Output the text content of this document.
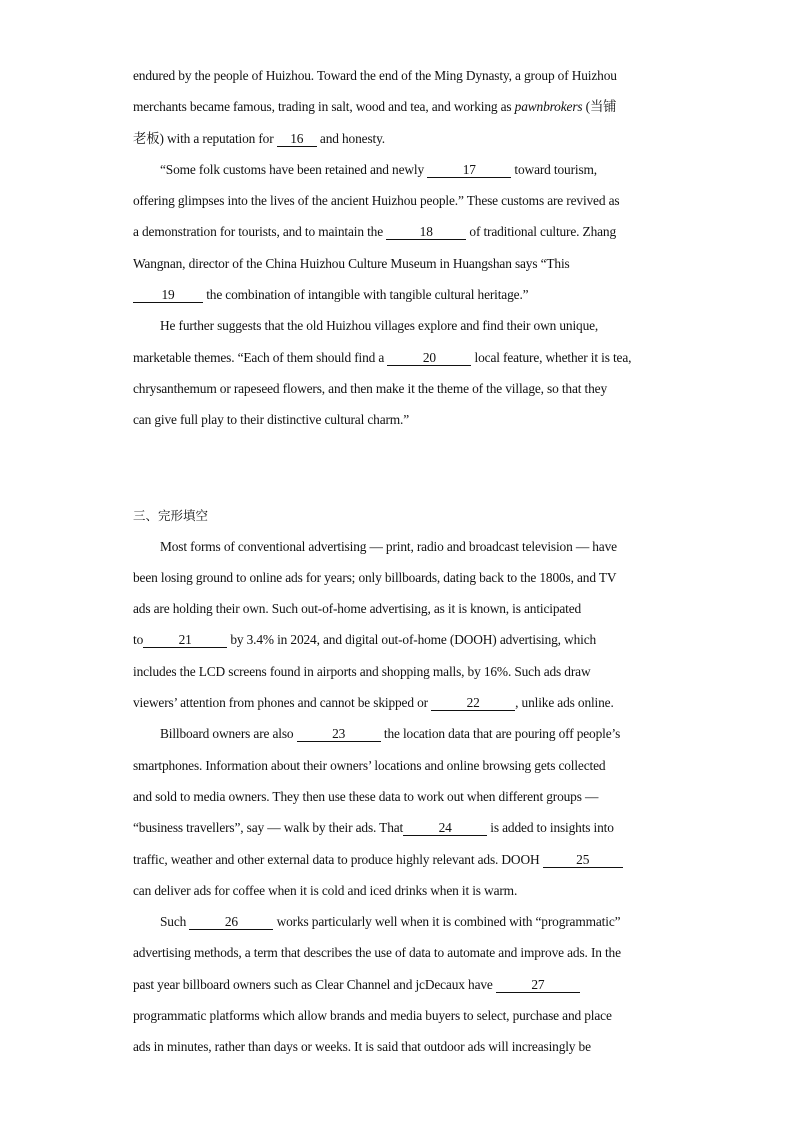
endured by the people of Huizhou. Toward the end of the Ming Dynasty, a group of Huizhou
merchants became famous, trading in salt, wood and tea, and working as pawnbrokers (当铺
老板) with a reputation for 16 and honesty.
“Some folk customs have been retained and newly	17	toward tourism,
offering glimpses into the lives of the ancient Huizhou people.” These customs are revived as
a demonstration for tourists, and to maintain the 18 of traditional culture. Zhang
Wangnan, director of the China Huizhou Culture Museum in Huangshan says “This
19 the combination of intangible with tangible cultural heritage.”
He further suggests that the old Huizhou villages explore and find their own unique,
marketable themes. “Each of them should find a	20	local feature, whether it is tea,
chrysanthemum or rapeseed flowers, and then make it the theme of the village, so that they
can give full play to their distinctive cultural charm.”
三、完形填空
Most forms of conventional advertising — print, radio and broadcast television — have
been losing ground to online ads for years; only billboards, dating back to the 1800s, and TV
ads are holding their own. Such out-of-home advertising, as it is known, is anticipated
to	21	by 3.4% in 2024, and digital out-of-home (DOOH) advertising, which
includes the LCD screens found in airports and shopping malls, by 16%. Such ads draw
viewers’ attention from phones and cannot be skipped or	22	, unlike ads online.
Billboard owners are also	23	the location data that are pouring off people’s
smartphones. Information about their owners’ locations and online browsing gets collected
and sold to media owners. They then use these data to work out when different groups —
“business travellers”, say — walk by their ads. That	24	is added to insights into
traffic, weather and other external data to produce highly relevant ads. DOOH 25
can deliver ads for coffee when it is cold and iced drinks when it is warm.
Such	26	works particularly well when it is combined with “programmatic”
advertising methods, a term that describes the use of data to automate and improve ads. In the
past year billboard owners such as Clear Channel and jcDecaux have	27
programmatic platforms which allow brands and media buyers to select, purchase and place
ads in minutes, rather than days or weeks. It is said that outdoor ads will increasingly be
